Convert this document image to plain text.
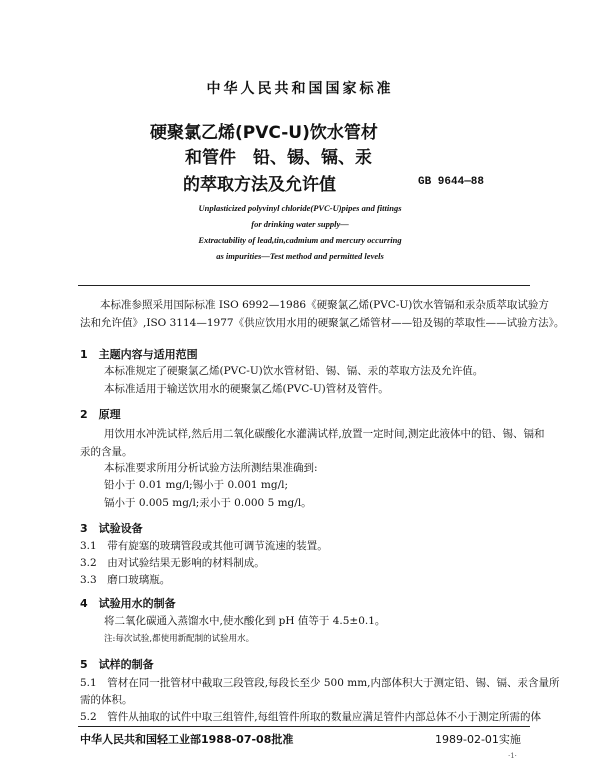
中华人民共和国国家标准
硬聚氯乙烯(PVC-U)饮水管材
和管件　铅、锡、镉、汞
的萃取方法及允许值	GB 9644—88
Unplasticized polyvinyl chloride(PVC-U)pipes and fittings
for drinking water supply—
Extractability of lead,tin,cadmium and mercury occurring
as impurities—Test method and permitted levels
本标准参照采用国际标准 ISO 6992—1986《硬聚氯乙烯(PVC-U)饮水管镉和汞杂质萃取试验方
法和允许值》,ISO 3114—1977《供应饮用水用的硬聚氯乙烯管材——铅及锡的萃取性——试验方法》。
1　主题内容与适用范围
本标准规定了硬聚氯乙烯(PVC-U)饮水管材铅、锡、镉、汞的萃取方法及允许值。
本标准适用于输送饮用水的硬聚氯乙烯(PVC-U)管材及管件。
2　原理
用饮用水冲洗试样,然后用二氧化碳酸化水灌满试样,放置一定时间,测定此液体中的铅、锡、镉和
汞的含量。
本标准要求所用分析试验方法所测结果准确到:
铅小于 0.01 mg/l;锡小于 0.001 mg/l;
镉小于 0.005 mg/l;汞小于 0.000 5 mg/l。
3　试验设备
3.1　带有旋塞的玻璃管段或其他可调节流速的装置。
3.2　由对试验结果无影响的材料制成。
3.3　磨口玻璃瓶。
4　试验用水的制备
将二氧化碳通入蒸馏水中,使水酸化到 pH 值等于 4.5±0.1。
注:每次试验,都使用新配制的试验用水。
5　试样的制备
5.1　管材在同一批管材中截取三段管段,每段长至少 500 mm,内部体积大于测定铅、锡、镉、汞含量所
需的体积。
5.2　管件从抽取的试件中取三组管件,每组管件所取的数量应满足管件内部总体不小于测定所需的体
中华人民共和国轻工业部1988-07-08批准	1989-02-01实施
·1·
